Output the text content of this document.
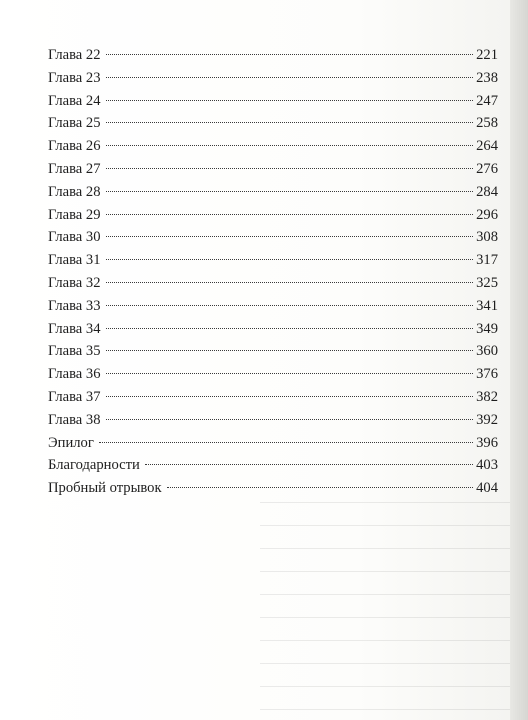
Глава 22	221
Глава 23	238
Глава 24	247
Глава 25	258
Глава 26	264
Глава 27	276
Глава 28	284
Глава 29	296
Глава 30	308
Глава 31	317
Глава 32	325
Глава 33	341
Глава 34	349
Глава 35	360
Глава 36	376
Глава 37	382
Глава 38	392
Эпилог	396
Благодарности	403
Пробный отрывок	404
